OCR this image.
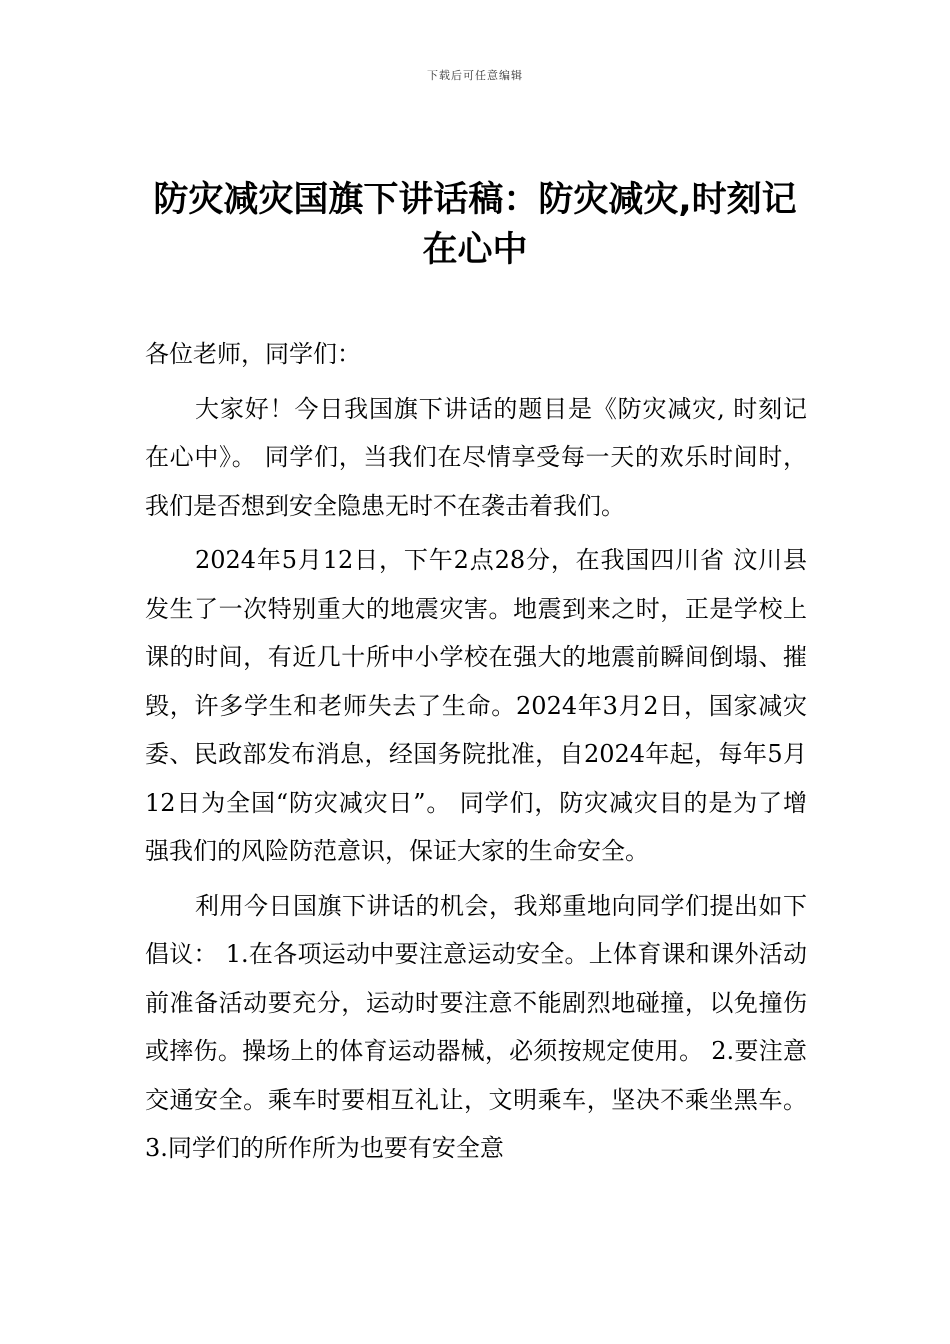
下载后可任意编辑
防灾减灾国旗下讲话稿：防灾减灾,时刻记在心中

各位老师，同学们：

大家好！今日我国旗下讲话的题目是《防灾减灾, 时刻记在心中》。 同学们，当我们在尽情享受每一天的欢乐时间时，我们是否想到安全隐患无时不在袭击着我们。

2024年5月12日，下午2点28分，在我国四川省 汶川县发生了一次特别重大的地震灾害。地震到来之时，正是学校上课的时间，有近几十所中小学校在强大的地震前瞬间倒塌、摧毁，许多学生和老师失去了生命。2024年3月2日，国家减灾委、民政部发布消息，经国务院批准，自2024年起，每年5月12日为全国“防灾减灾日”。 同学们，防灾减灾目的是为了增强我们的风险防范意识，保证大家的生命安全。

利用今日国旗下讲话的机会，我郑重地向同学们提出如下倡议： 1.在各项运动中要注意运动安全。上体育课和课外活动前准备活动要充分，运动时要注意不能剧烈地碰撞，以免撞伤或摔伤。操场上的体育运动器械，必须按规定使用。 2.要注意交通安全。乘车时要相互礼让，文明乘车，坚决不乘坐黑车。 3.同学们的所作所为也要有安全意
